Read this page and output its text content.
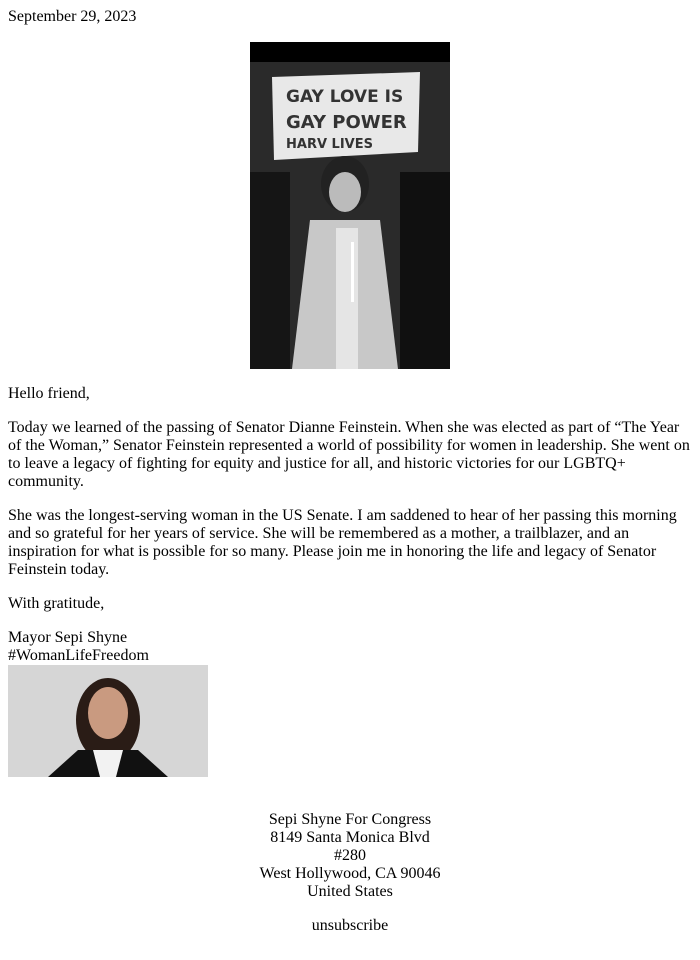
September 29, 2023
GAY LOVE IS
GAY POWER
HARV LIVES

Hello friend,

Today we learned of the passing of Senator Dianne Feinstein. When she was elected as part of “The Year of the Woman,” Senator Feinstein represented a world of possibility for women in leadership. She went on to leave a legacy of fighting for equity and justice for all, and historic victories for our LGBTQ+ community.

She was the longest-serving woman in the US Senate. I am saddened to hear of her passing this morning and so grateful for her years of service. She will be remembered as a mother, a trailblazer, and an inspiration for what is possible for so many. Please join me in honoring the life and legacy of Senator Feinstein today.

With gratitude,

Mayor Sepi Shyne
#WomanLifeFreedom
Sepi Shyne For Congress
8149 Santa Monica Blvd
#280
West Hollywood, CA 90046
United States
unsubscribe
